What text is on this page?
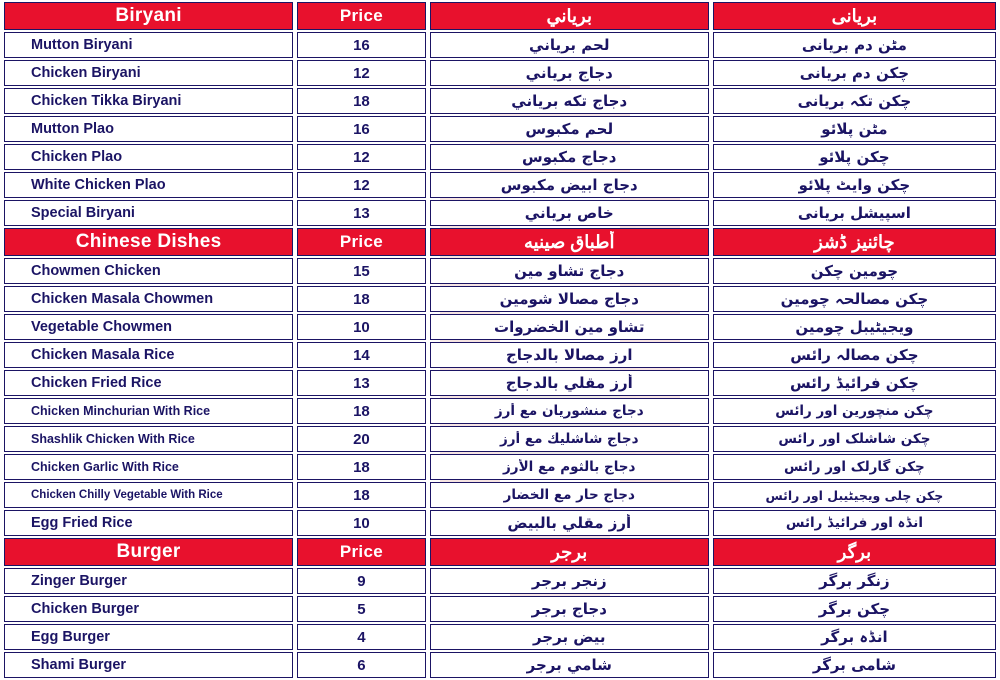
Biryani	Price	برياني	بریانی

Mutton Biryani	16	لحم برياني	مٹن دم بریانی

Chicken Biryani	12	دجاج برياني	چکن دم بریانی

Chicken Tikka Biryani	18	دجاج تكه برياني	چکن تکہ بریانی

Mutton Plao	16	لحم مكبوس	مٹن پلائو

Chicken Plao	12	دجاج مكبوس	چکن پلائو

White Chicken Plao	12	دجاج ابيض مكبوس	چکن وایٹ پلائو

Special Biryani	13	خاص برياني	اسپیشل بریانی

Chinese Dishes	Price	أطباق صينيه	چائنیز ڈشز

Chowmen Chicken	15	دجاج تشاو مين	چومین چکن

Chicken Masala Chowmen	18	دجاج مصالا شومين	چکن مصالحہ چومین

Vegetable Chowmen	10	تشاو مين الخضروات	ویجیٹیبل چومین

Chicken Masala Rice	14	ارز مصالا بالدجاج	چکن مصالہ رائس

Chicken Fried Rice	13	أرز مقلي بالدجاج	چکن فرائیڈ رائس

Chicken Minchurian With Rice	18	دجاج منشوريان مع أرز	چکن منچورین اور رائس

Shashlik Chicken With Rice	20	دجاج شاشليك مع أرز	چکن شاشلک اور رائس

Chicken Garlic With Rice	18	دجاج بالثوم مع الأرز	چکن گارلک اور رائس

Chicken Chilly Vegetable With Rice	18	دجاج حار مع الخضار	چکن چلی ویجیٹیبل اور رائس

Egg Fried Rice	10	أرز مقلي بالبيض	انڈہ اور فرائیڈ رائس

Burger	Price	برجر	برگر

Zinger Burger	9	زنجر برجر	زنگر برگر

Chicken Burger	5	دجاج برجر	چکن برگر

Egg Burger	4	بيض برجر	انڈہ برگر

Shami Burger	6	شامي برجر	شامی برگر
